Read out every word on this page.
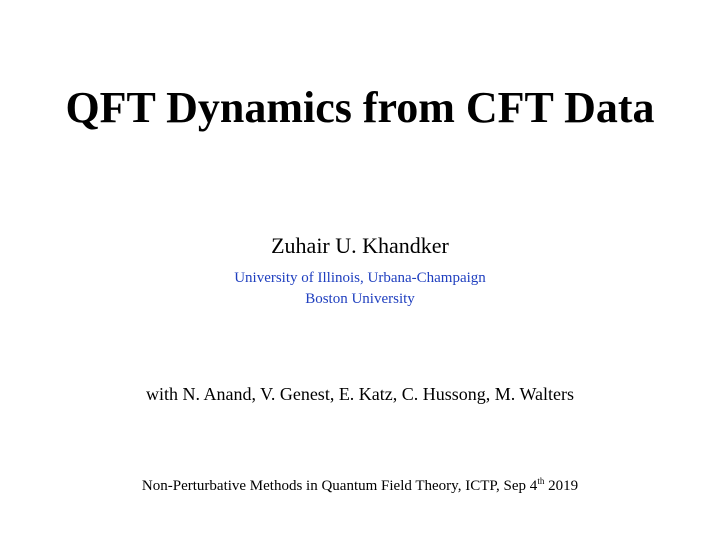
QFT Dynamics from CFT Data
Zuhair U. Khandker
University of Illinois, Urbana-Champaign
Boston University
with N. Anand, V. Genest, E. Katz, C. Hussong, M. Walters
Non-Perturbative Methods in Quantum Field Theory, ICTP, Sep 4th 2019
